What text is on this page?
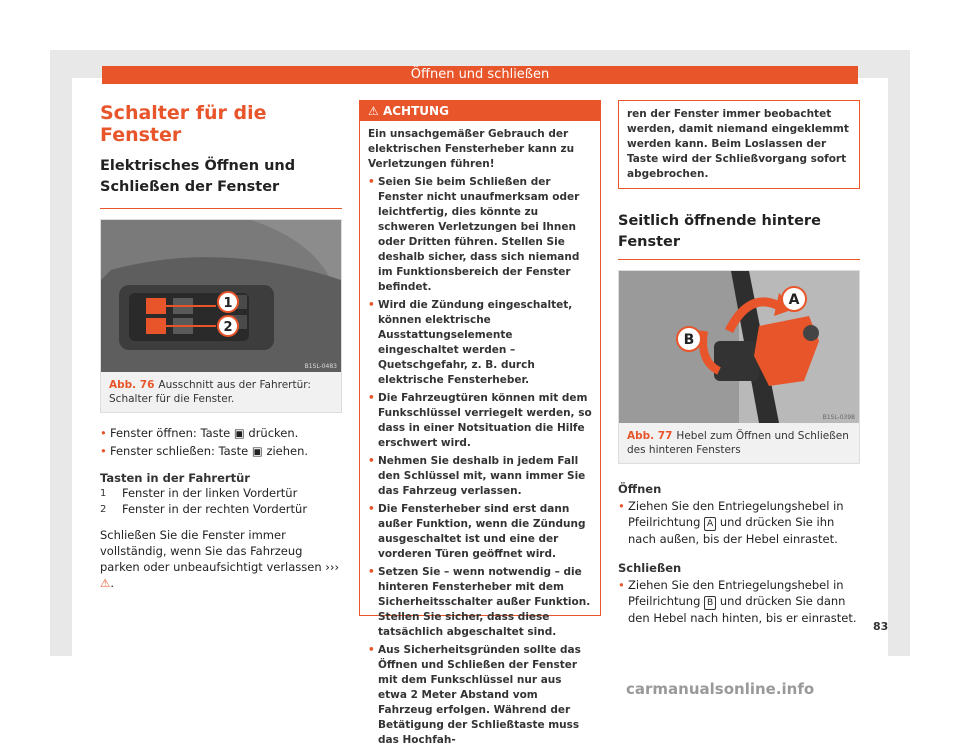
Öffnen und schließen
Schalter für die Fenster
Elektrisches Öffnen und Schließen der Fenster
1
2
B1SL-0483
Abb. 76 Ausschnitt aus der Fahrertür: Schalter für die Fenster.
• Fenster öffnen: Taste ▣ drücken.
• Fenster schließen: Taste ▣ ziehen.
Tasten in der Fahrertür
1 Fenster in der linken Vordertür
2 Fenster in der rechten Vordertür
Schließen Sie die Fenster immer vollständig, wenn Sie das Fahrzeug parken oder unbeaufsichtigt verlassen ››› ⚠.
⚠ ACHTUNG
Ein unsachgemäßer Gebrauch der elektrischen Fensterheber kann zu Verletzungen führen!
• Seien Sie beim Schließen der Fenster nicht unaufmerksam oder leichtfertig, dies könnte zu schweren Verletzungen bei Ihnen oder Dritten führen. Stellen Sie deshalb sicher, dass sich niemand im Funktionsbereich der Fenster befindet.
• Wird die Zündung eingeschaltet, können elektrische Ausstattungselemente eingeschaltet werden – Quetschgefahr, z. B. durch elektrische Fensterheber.
• Die Fahrzeugtüren können mit dem Funkschlüssel verriegelt werden, so dass in einer Notsituation die Hilfe erschwert wird.
• Nehmen Sie deshalb in jedem Fall den Schlüssel mit, wann immer Sie das Fahrzeug verlassen.
• Die Fensterheber sind erst dann außer Funktion, wenn die Zündung ausgeschaltet ist und eine der vorderen Türen geöffnet wird.
• Setzen Sie – wenn notwendig – die hinteren Fensterheber mit dem Sicherheitsschalter außer Funktion. Stellen Sie sicher, dass diese tatsächlich abgeschaltet sind.
• Aus Sicherheitsgründen sollte das Öffnen und Schließen der Fenster mit dem Funkschlüssel nur aus etwa 2 Meter Abstand vom Fahrzeug erfolgen. Während der Betätigung der Schließtaste muss das Hochfah-
ren der Fenster immer beobachtet werden, damit niemand eingeklemmt werden kann. Beim Loslassen der Taste wird der Schließvorgang sofort abgebrochen.
Seitlich öffnende hintere Fenster
A
B
B1SL-0398
Abb. 77 Hebel zum Öffnen und Schließen des hinteren Fensters
Öffnen
• Ziehen Sie den Entriegelungshebel in Pfeilrichtung A und drücken Sie ihn nach außen, bis der Hebel einrastet.
Schließen
• Ziehen Sie den Entriegelungshebel in Pfeilrichtung B und drücken Sie dann den Hebel nach hinten, bis er einrastet.
83
carmanualsonline.info
